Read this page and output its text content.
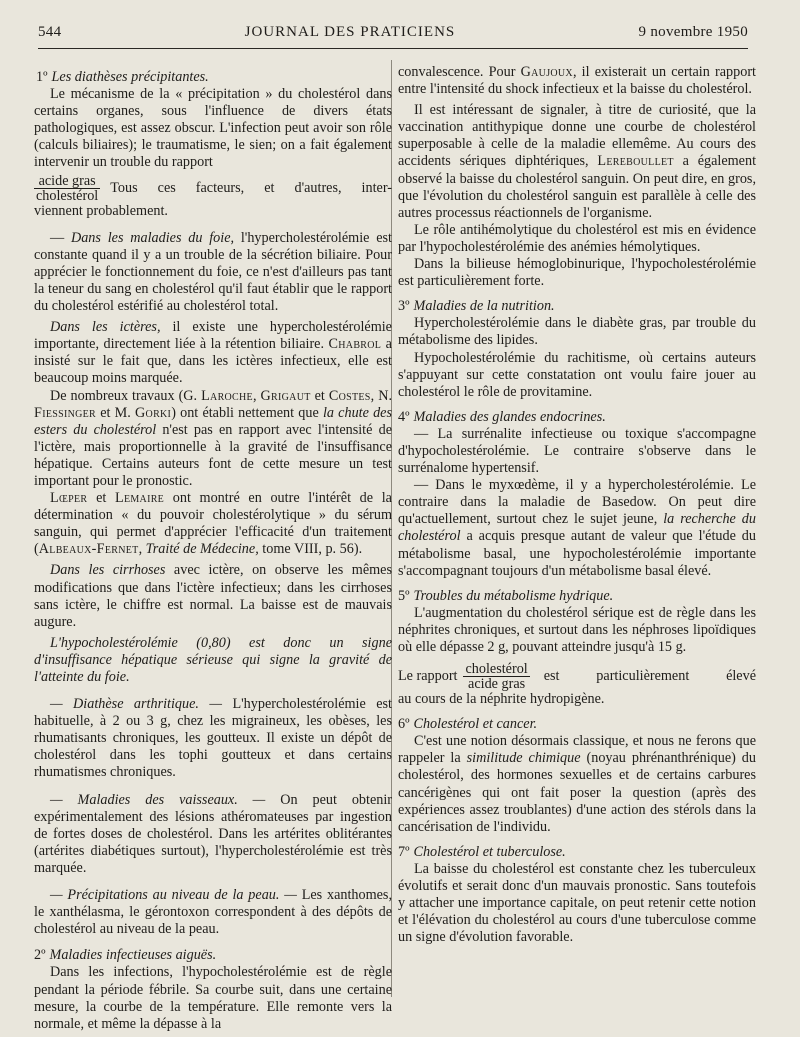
544	JOURNAL DES PRATICIENS	9 novembre 1950

1º Les diathèses précipitantes.

Le mécanisme de la « précipitation » du cholestérol dans certains organes, sous l'influence de divers états pathologiques, est assez obscur. L'infection peut avoir son rôle (calculs biliaires); le traumatisme, le sien; on a fait également intervenir un trouble du rapport

$\frac{\text{acide gras}}{\text{cholestérol}}$ Tous ces facteurs, et d'autres, inter-

viennent probablement.

— Dans les maladies du foie, l'hypercholestérolémie est constante quand il y a un trouble de la sécrétion biliaire. Pour apprécier le fonctionnement du foie, ce n'est d'ailleurs pas tant la teneur du sang en cholestérol qu'il faut établir que le rapport du cholestérol estérifié au cholestérol total.

Dans les ictères, il existe une hypercholestérolémie importante, directement liée à la rétention biliaire. Chabrol a insisté sur le fait que, dans les ictères infectieux, elle est beaucoup moins marquée.

De nombreux travaux (G. Laroche, Grigaut et Costes, N. Fiessinger et M. Gorki) ont établi nettement que la chute des esters du cholestérol n'est pas en rapport avec l'intensité de l'ictère, mais proportionnelle à la gravité de l'insuffisance hépatique. Certains auteurs font de cette mesure un test important pour le pronostic.

Lœper et Lemaire ont montré en outre l'intérêt de la détermination « du pouvoir cholestérolytique » du sérum sanguin, qui permet d'apprécier l'efficacité d'un traitement (Albeaux-Fernet, Traité de Médecine, tome VIII, p. 56).

Dans les cirrhoses avec ictère, on observe les mêmes modifications que dans l'ictère infectieux; dans les cirrhoses sans ictère, le chiffre est normal. La baisse est de mauvais augure.

L'hypocholestérolémie (0,80) est donc un signe d'insuffisance hépatique sérieuse qui signe la gravité de l'atteinte du foie.

— Diathèse arthritique. — L'hypercholestérolémie est habituelle, à 2 ou 3 g, chez les migraineux, les obèses, les rhumatisants chroniques, les goutteux. Il existe un dépôt de cholestérol dans les tophi goutteux et dans certains rhumatismes chroniques.

— Maladies des vaisseaux. — On peut obtenir expérimentalement des lésions athéromateuses par ingestion de fortes doses de cholestérol. Dans les artérites oblitérantes (artérites diabétiques surtout), l'hypercholestérolémie est très marquée.

— Précipitations au niveau de la peau. — Les xanthomes, le xanthélasma, le gérontoxon correspondent à des dépôts de cholestérol au niveau de la peau.

2º Maladies infectieuses aiguës.

Dans les infections, l'hypocholestérolémie est de règle pendant la période fébrile. Sa courbe suit, dans une certaine mesure, la courbe de la température. Elle remonte vers la normale, et même la dépasse à la

convalescence. Pour Gaujoux, il existerait un certain rapport entre l'intensité du shock infectieux et la baisse du cholestérol.

Il est intéressant de signaler, à titre de curiosité, que la vaccination antithypique donne une courbe de cholestérol superposable à celle de la maladie ellemême. Au cours des accidents sériques diphtériques, Lereboullet a également observé la baisse du cholestérol sanguin. On peut dire, en gros, que l'évolution du cholestérol sanguin est parallèle à celle des autres processus réactionnels de l'organisme.

Le rôle antihémolytique du cholestérol est mis en évidence par l'hypocholestérolémie des anémies hémolytiques.

Dans la bilieuse hémoglobinurique, l'hypocholestérolémie est particulièrement forte.

3º Maladies de la nutrition.

Hypercholestérolémie dans le diabète gras, par trouble du métabolisme des lipides.

Hypocholestérolémie du rachitisme, où certains auteurs s'appuyant sur cette constatation ont voulu faire jouer au cholestérol le rôle de provitamine.

4º Maladies des glandes endocrines.

— La surrénalite infectieuse ou toxique s'accompagne d'hypocholestérolémie. Le contraire s'observe dans le surrénalome hypertensif.

— Dans le myxœdème, il y a hypercholestérolémie. Le contraire dans la maladie de Basedow. On peut dire qu'actuellement, surtout chez le sujet jeune, la recherche du cholestérol a acquis presque autant de valeur que l'étude du métabolisme basal, une hypocholestérolémie importante s'accompagnant toujours d'un métabolisme basal élevé.

5º Troubles du métabolisme hydrique.

L'augmentation du cholestérol sérique est de règle dans les néphrites chroniques, et surtout dans les néphroses lipoïdiques où elle dépasse 2 g, pouvant atteindre jusqu'à 15 g.

Le rapport $\frac{\text{cholestérol}}{\text{acide gras}}$ est particulièrement élevé

au cours de la néphrite hydropigène.

6º Cholestérol et cancer.

C'est une notion désormais classique, et nous ne ferons que rappeler la similitude chimique (noyau phrénanthrénique) du cholestérol, des hormones sexuelles et de certains carbures cancérigènes qui ont fait poser la question (après des expériences assez troublantes) d'une action des stérols dans la cancérisation de l'individu.

7º Cholestérol et tuberculose.

La baisse du cholestérol est constante chez les tuberculeux évolutifs et serait donc d'un mauvais pronostic. Sans toutefois y attacher une importance capitale, on peut retenir cette notion et l'élévation du cholestérol au cours d'une tuberculose comme un signe d'évolution favorable.
